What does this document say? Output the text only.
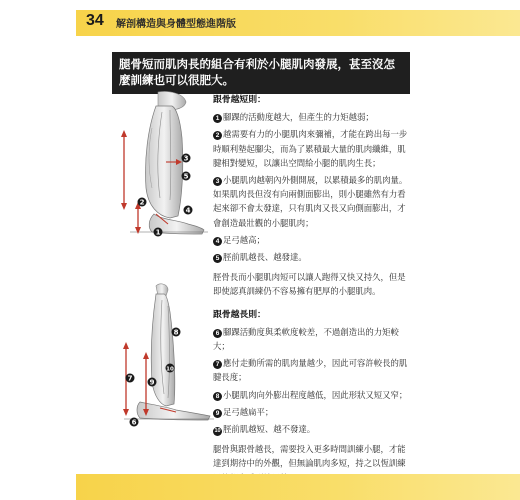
34 解剖構造與身體型態進階版
腿骨短而肌肉長的組合有利於小腿肌肉發展，甚至沒怎麼訓練也可以很肥大。
3
5
2
4
1
8
10
7 9
6
跟骨越短則：
1 腳踝的活動度越大，但產生的力矩越弱；
2 越需要有力的小腿肌肉來彌補，才能在跨出每一步時順利墊起腳尖，而為了累積最大量的肌肉纖維，肌腱相對變短，以讓出空間給小腿的肌肉生長；
3 小腿肌肉越朝內外側開展，以累積最多的肌肉量。如果肌肉長但沒有向兩側面膨出，則小腿雖然有力看起來卻不會太發達，只有肌肉又長又向側面膨出，才會創造最壯觀的小腿肌肉；
4 足弓越高；
5 脛前肌越長、越發達。
脛骨長而小腿肌肉短可以讓人跑得又快又持久，但是即使認真訓練仍不容易擁有肥厚的小腿肌肉。
跟骨越長則：
6 腳踝活動度與柔軟度較差，不過創造出的力矩較大；
7 應付走動所需的肌肉量越少，因此可容許較長的肌腱長度；
8 小腿肌肉向外膨出程度越低，因此形狀又短又窄；
9 足弓越扁平；
10 脛前肌越短、越不發達。
腿骨與跟骨越長，需要投入更多時間訓練小腿，才能達到期待中的外觀，但無論肌肉多短，持之以恆訓練
